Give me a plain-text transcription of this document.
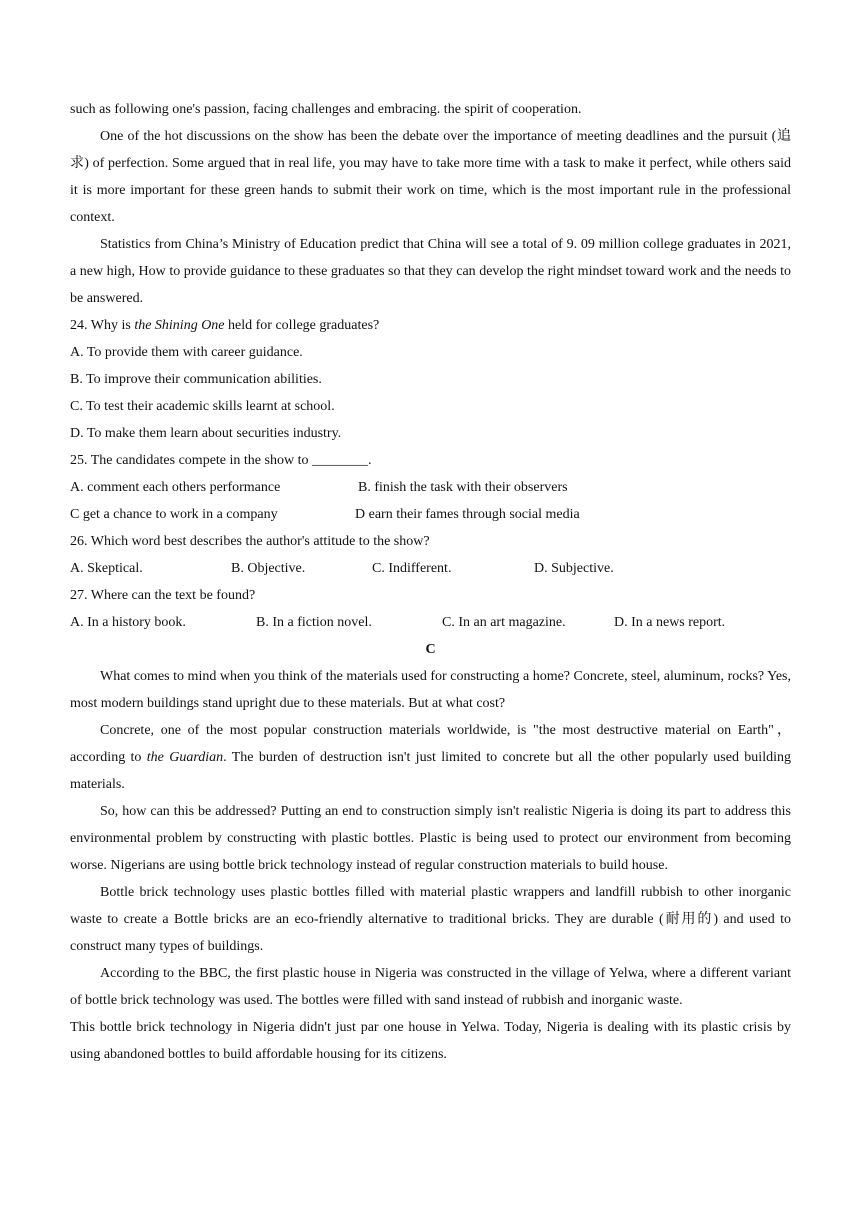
such as following one's passion, facing challenges and embracing. the spirit of cooperation.

One of the hot discussions on the show has been the debate over the importance of meeting deadlines and the pursuit (追求) of perfection. Some argued that in real life, you may have to take more time with a task to make it perfect, while others said it is more important for these green hands to submit their work on time, which is the most important rule in the professional context.

Statistics from China’s Ministry of Education predict that China will see a total of 9. 09 million college graduates in 2021, a new high, How to provide guidance to these graduates so that they can develop the right mindset toward work and the needs to be answered.

24. Why is the Shining One held for college graduates?

A. To provide them with career guidance.

B. To improve their communication abilities.

C. To test their academic skills learnt at school.

D. To make them learn about securities industry.

25. The candidates compete in the show to ________.

A. comment each others performance	B. finish the task with their observers
C get a chance to work in a company	D earn their fames through social media

26. Which word best describes the author's attitude to the show?

A. Skeptical.	B. Objective.	C. Indifferent.	D. Subjective.

27. Where can the text be found?

A. In a history book.	B. In a fiction novel.	C. In an art magazine.	D. In a news report.

C

What comes to mind when you think of the materials used for constructing a home? Concrete, steel, aluminum, rocks? Yes, most modern buildings stand upright due to these materials. But at what cost?

Concrete, one of the most popular construction materials worldwide, is "the most destructive material on Earth"，according to the Guardian. The burden of destruction isn't just limited to concrete but all the other popularly used building materials.

So, how can this be addressed? Putting an end to construction simply isn't realistic Nigeria is doing its part to address this environmental problem by constructing with plastic bottles. Plastic is being used to protect our environment from becoming worse. Nigerians are using bottle brick technology instead of regular construction materials to build house.

Bottle brick technology uses plastic bottles filled with material plastic wrappers and landfill rubbish to other inorganic waste to create a Bottle bricks are an eco-friendly alternative to traditional bricks. They are durable (耐用的) and used to construct many types of buildings.

According to the BBC, the first plastic house in Nigeria was constructed in the village of Yelwa, where a different variant of bottle brick technology was used. The bottles were filled with sand instead of rubbish and inorganic waste.

This bottle brick technology in Nigeria didn't just par one house in Yelwa. Today, Nigeria is dealing with its plastic crisis by using abandoned bottles to build affordable housing for its citizens.
